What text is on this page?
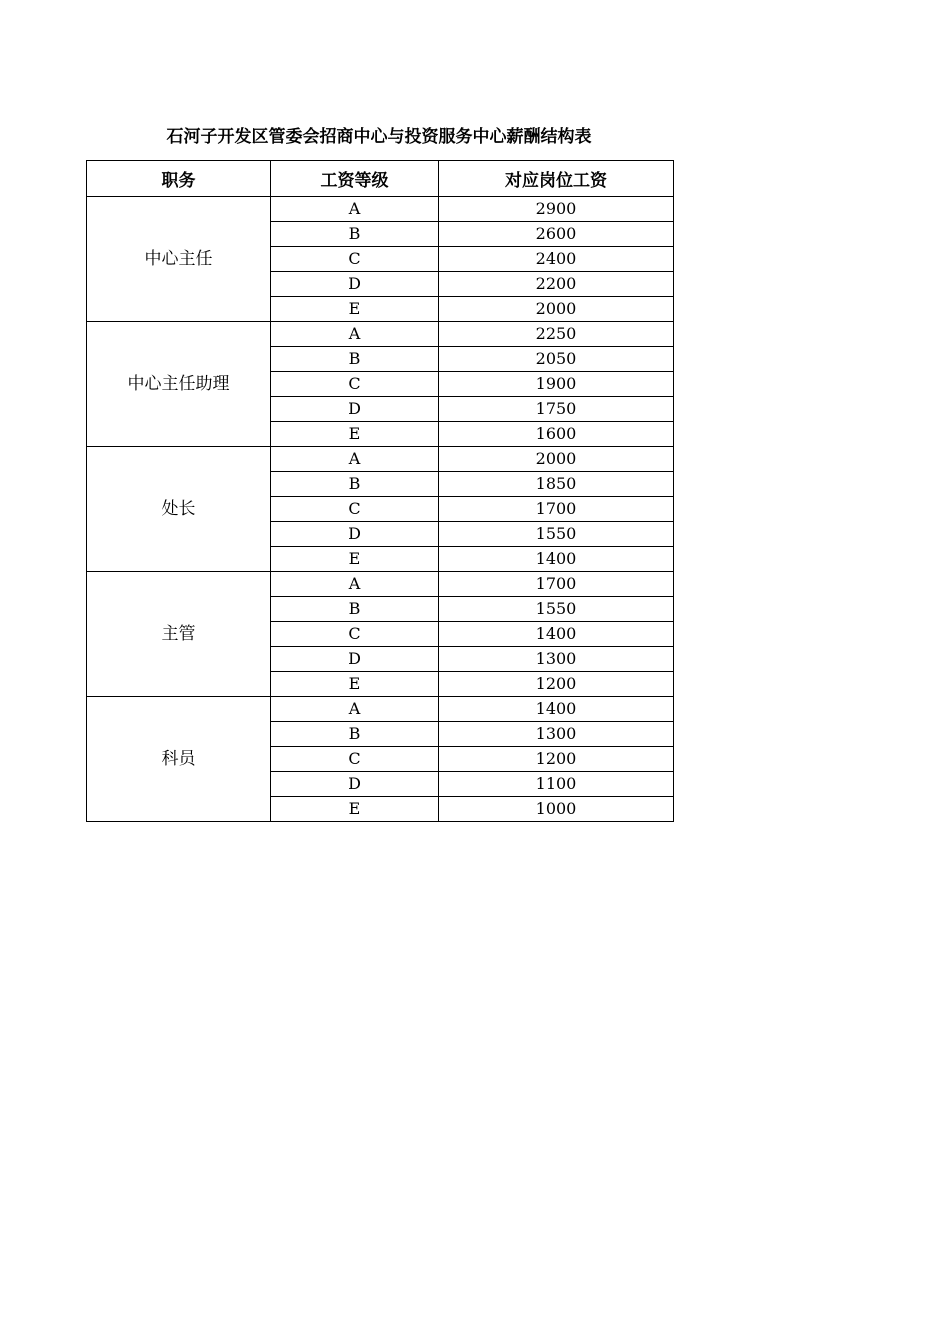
石河子开发区管委会招商中心与投资服务中心薪酬结构表
职务	工资等级	对应岗位工资
中心主任	A	2900
	B	2600
	C	2400
	D	2200
	E	2000
中心主任助理	A	2250
	B	2050
	C	1900
	D	1750
	E	1600
处长	A	2000
	B	1850
	C	1700
	D	1550
	E	1400
主管	A	1700
	B	1550
	C	1400
	D	1300
	E	1200
科员	A	1400
	B	1300
	C	1200
	D	1100
	E	1000
